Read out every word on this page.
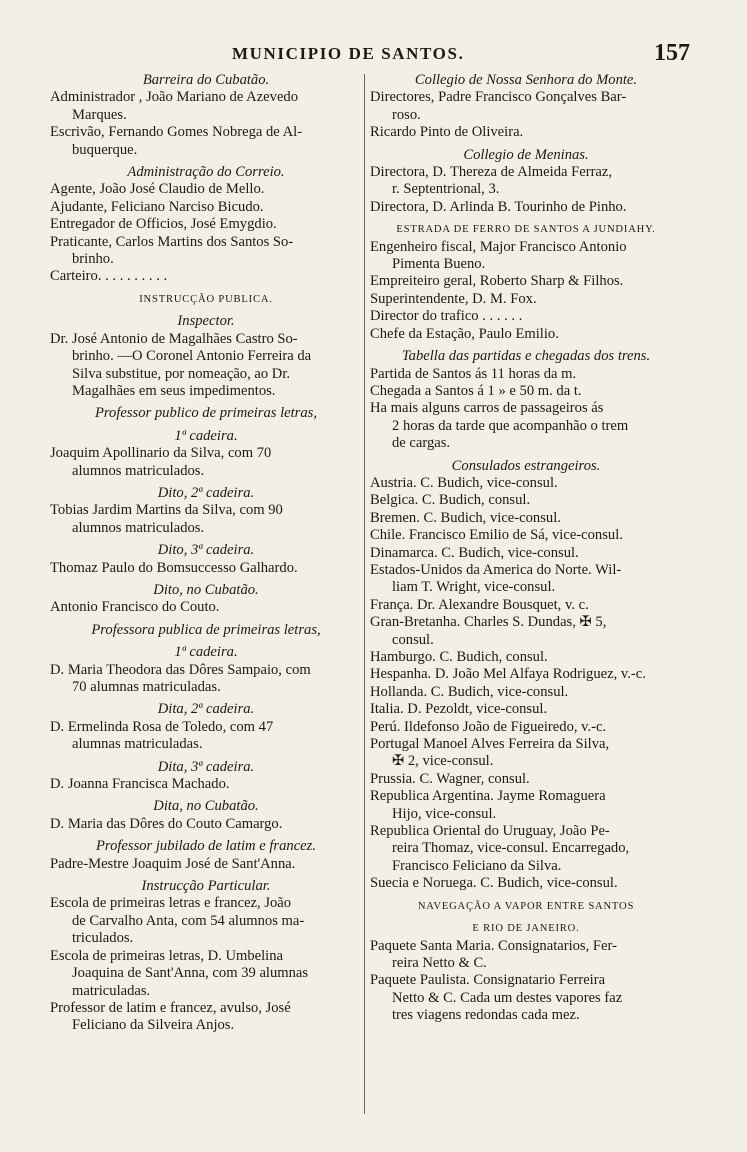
MUNICIPIO DE SANTOS.	157
Barreira do Cubatão.
Administrador , João Mariano de Azevedo
Marques.
Escrivão, Fernando Gomes Nobrega de Al-
buquerque.
Administração do Correio.
Agente, João José Claudio de Mello.
Ajudante, Feliciano Narciso Bicudo.
Entregador de Officios, José Emygdio.
Praticante, Carlos Martins dos Santos So-
brinho.
Carteiro. . . . . . . . . .
INSTRUCÇÃO PUBLICA.
Inspector.
Dr. José Antonio de Magalhães Castro So-
brinho. —O Coronel Antonio Ferreira da
Silva substitue, por nomeação, ao Dr.
Magalhães em seus impedimentos.
Professor publico de primeiras letras,
1ª cadeira.
Joaquim Apollinario da Silva, com 70
alumnos matriculados.
Dito, 2ª cadeira.
Tobias Jardim Martins da Silva, com 90
alumnos matriculados.
Dito, 3ª cadeira.
Thomaz Paulo do Bomsuccesso Galhardo.
Dito, no Cubatão.
Antonio Francisco do Couto.
Professora publica de primeiras letras,
1ª cadeira.
D. Maria Theodora das Dôres Sampaio, com
70 alumnas matriculadas.
Dita, 2ª cadeira.
D. Ermelinda Rosa de Toledo, com 47
alumnas matriculadas.
Dita, 3ª cadeira.
D. Joanna Francisca Machado.
Dita, no Cubatão.
D. Maria das Dôres do Couto Camargo.
Professor jubilado de latim e francez.
Padre-Mestre Joaquim José de Sant'Anna.
Instrucção Particular.
Escola de primeiras letras e francez, João
de Carvalho Anta, com 54 alumnos ma-
triculados.
Escola de primeiras letras, D. Umbelina
Joaquina de Sant'Anna, com 39 alumnas
matriculadas.
Professor de latim e francez, avulso, José
Feliciano da Silveira Anjos.
Collegio de Nossa Senhora do Monte.
Directores, Padre Francisco Gonçalves Bar-
roso.
Ricardo Pinto de Oliveira.
Collegio de Meninas.
Directora, D. Thereza de Almeida Ferraz,
r. Septentrional, 3.
Directora, D. Arlinda B. Tourinho de Pinho.
ESTRADA DE FERRO DE SANTOS A JUNDIAHY.
Engenheiro fiscal, Major Francisco Antonio
Pimenta Bueno.
Empreiteiro geral, Roberto Sharp & Filhos.
Superintendente, D. M. Fox.
Director do trafico . . . . . .
Chefe da Estação, Paulo Emilio.
Tabella das partidas e chegadas dos trens.
Partida de Santos ás 11 horas da m.
Chegada a Santos á 1 » e 50 m. da t.
Ha mais alguns carros de passageiros ás
2 horas da tarde que acompanhão o trem
de cargas.
Consulados estrangeiros.
Austria. C. Budich, vice-consul.
Belgica. C. Budich, consul.
Bremen. C. Budich, vice-consul.
Chile. Francisco Emilio de Sá, vice-consul.
Dinamarca. C. Budich, vice-consul.
Estados-Unidos da America do Norte. Wil-
liam T. Wright, vice-consul.
França. Dr. Alexandre Bousquet, v. c.
Gran-Bretanha. Charles S. Dundas, ✠ 5,
consul.
Hamburgo. C. Budich, consul.
Hespanha. D. João Mel Alfaya Rodriguez, v.-c.
Hollanda. C. Budich, vice-consul.
Italia. D. Pezoldt, vice-consul.
Perú. Ildefonso João de Figueiredo, v.-c.
Portugal Manoel Alves Ferreira da Silva,
✠ 2, vice-consul.
Prussia. C. Wagner, consul.
Republica Argentina. Jayme Romaguera
Hijo, vice-consul.
Republica Oriental do Uruguay, João Pe-
reira Thomaz, vice-consul. Encarregado,
Francisco Feliciano da Silva.
Suecia e Noruega. C. Budich, vice-consul.
NAVEGAÇÃO A VAPOR ENTRE SANTOS
E RIO DE JANEIRO.
Paquete Santa Maria. Consignatarios, Fer-
reira Netto & C.
Paquete Paulista. Consignatario Ferreira
Netto & C. Cada um destes vapores faz
tres viagens redondas cada mez.
